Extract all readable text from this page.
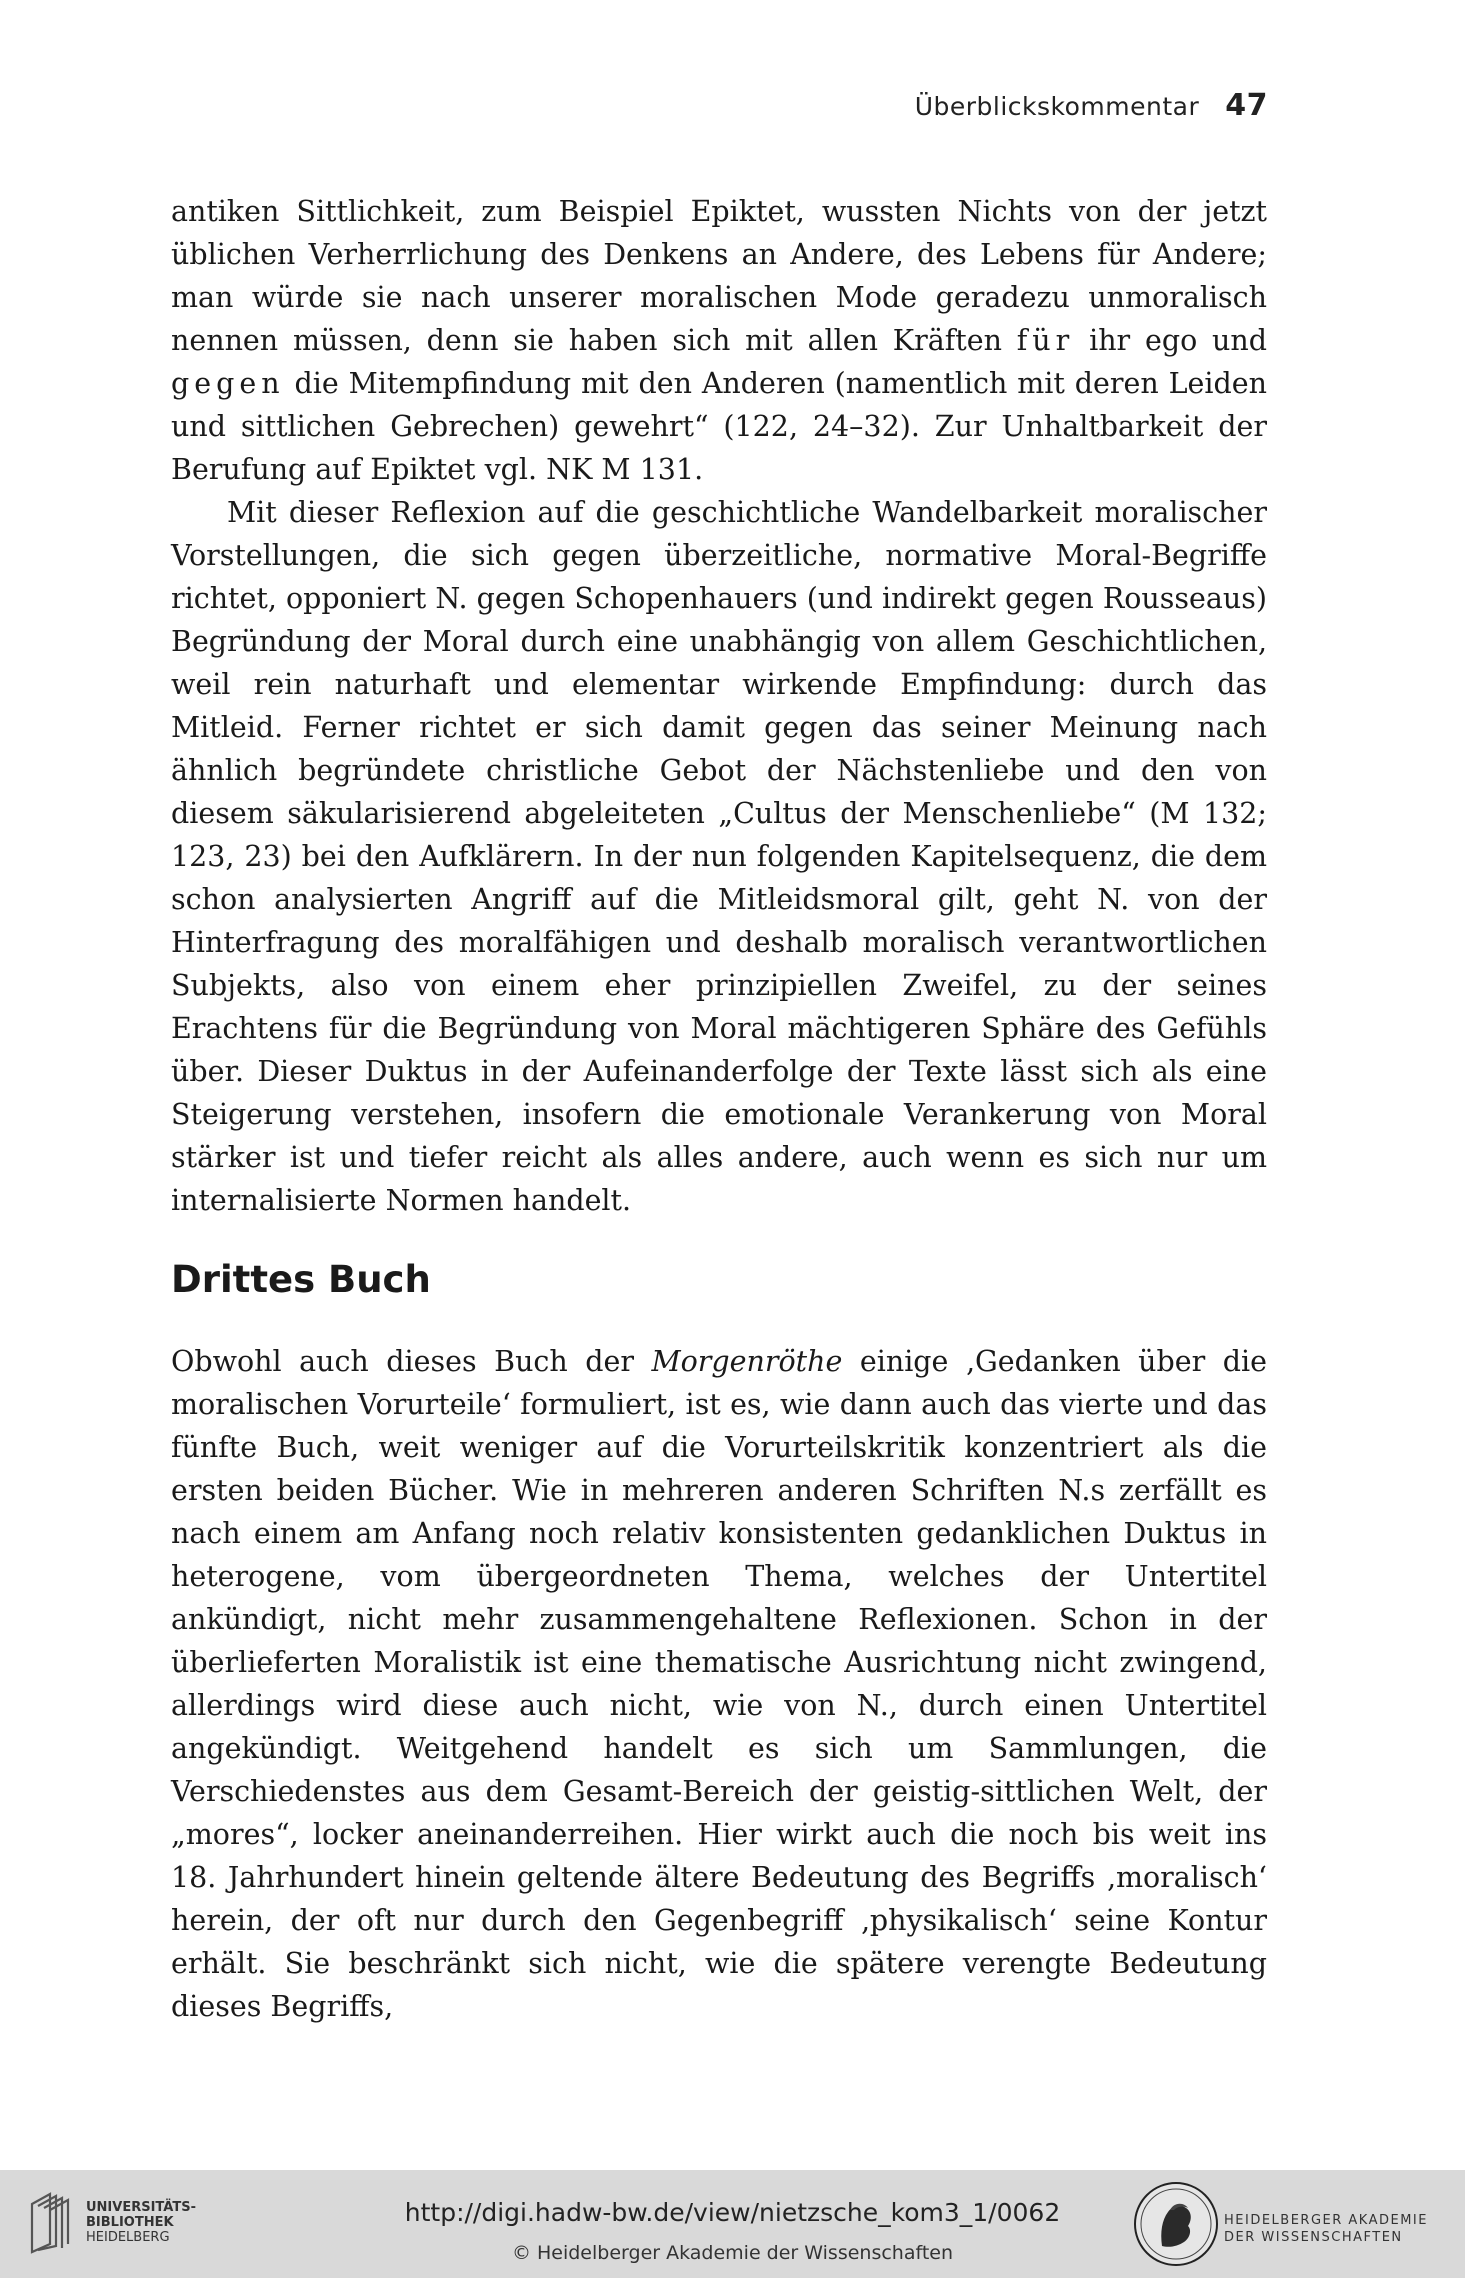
Überblickskommentar 47

antiken Sittlichkeit, zum Beispiel Epiktet, wussten Nichts von der jetzt üblichen Verherrlichung des Denkens an Andere, des Lebens für Andere; man würde sie nach unserer moralischen Mode geradezu unmoralisch nennen müssen, denn sie haben sich mit allen Kräften für ihr ego und gegen die Mitempfindung mit den Anderen (namentlich mit deren Leiden und sittlichen Gebrechen) gewehrt“ (122, 24–32). Zur Unhaltbarkeit der Berufung auf Epiktet vgl. NK M 131.

Mit dieser Reflexion auf die geschichtliche Wandelbarkeit moralischer Vorstellungen, die sich gegen überzeitliche, normative Moral-Begriffe richtet, opponiert N. gegen Schopenhauers (und indirekt gegen Rousseaus) Begründung der Moral durch eine unabhängig von allem Geschichtlichen, weil rein naturhaft und elementar wirkende Empfindung: durch das Mitleid. Ferner richtet er sich damit gegen das seiner Meinung nach ähnlich begründete christliche Gebot der Nächstenliebe und den von diesem säkularisierend abgeleiteten „Cultus der Menschenliebe“ (M 132; 123, 23) bei den Aufklärern. In der nun folgenden Kapitelsequenz, die dem schon analysierten Angriff auf die Mitleidsmoral gilt, geht N. von der Hinterfragung des moralfähigen und deshalb moralisch verantwortlichen Subjekts, also von einem eher prinzipiellen Zweifel, zu der seines Erachtens für die Begründung von Moral mächtigeren Sphäre des Gefühls über. Dieser Duktus in der Aufeinanderfolge der Texte lässt sich als eine Steigerung verstehen, insofern die emotionale Verankerung von Moral stärker ist und tiefer reicht als alles andere, auch wenn es sich nur um internalisierte Normen handelt.

Drittes Buch

Obwohl auch dieses Buch der Morgenröthe einige ‚Gedanken über die moralischen Vorurteile‘ formuliert, ist es, wie dann auch das vierte und das fünfte Buch, weit weniger auf die Vorurteilskritik konzentriert als die ersten beiden Bücher. Wie in mehreren anderen Schriften N.s zerfällt es nach einem am Anfang noch relativ konsistenten gedanklichen Duktus in heterogene, vom übergeordneten Thema, welches der Untertitel ankündigt, nicht mehr zusammengehaltene Reflexionen. Schon in der überlieferten Moralistik ist eine thematische Ausrichtung nicht zwingend, allerdings wird diese auch nicht, wie von N., durch einen Untertitel angekündigt. Weitgehend handelt es sich um Sammlungen, die Verschiedenstes aus dem Gesamt-Bereich der geistig-sittlichen Welt, der „mores“, locker aneinanderreihen. Hier wirkt auch die noch bis weit ins 18. Jahrhundert hinein geltende ältere Bedeutung des Begriffs ‚moralisch‘ herein, der oft nur durch den Gegenbegriff ‚physikalisch‘ seine Kontur erhält. Sie beschränkt sich nicht, wie die spätere verengte Bedeutung dieses Begriffs,

UNIVERSITÄTS-
BIBLIOTHEK
HEIDELBERG
http://digi.hadw-bw.de/view/nietzsche_kom3_1/0062
© Heidelberger Akademie der Wissenschaften
HEIDELBERGER AKADEMIE
DER WISSENSCHAFTEN
